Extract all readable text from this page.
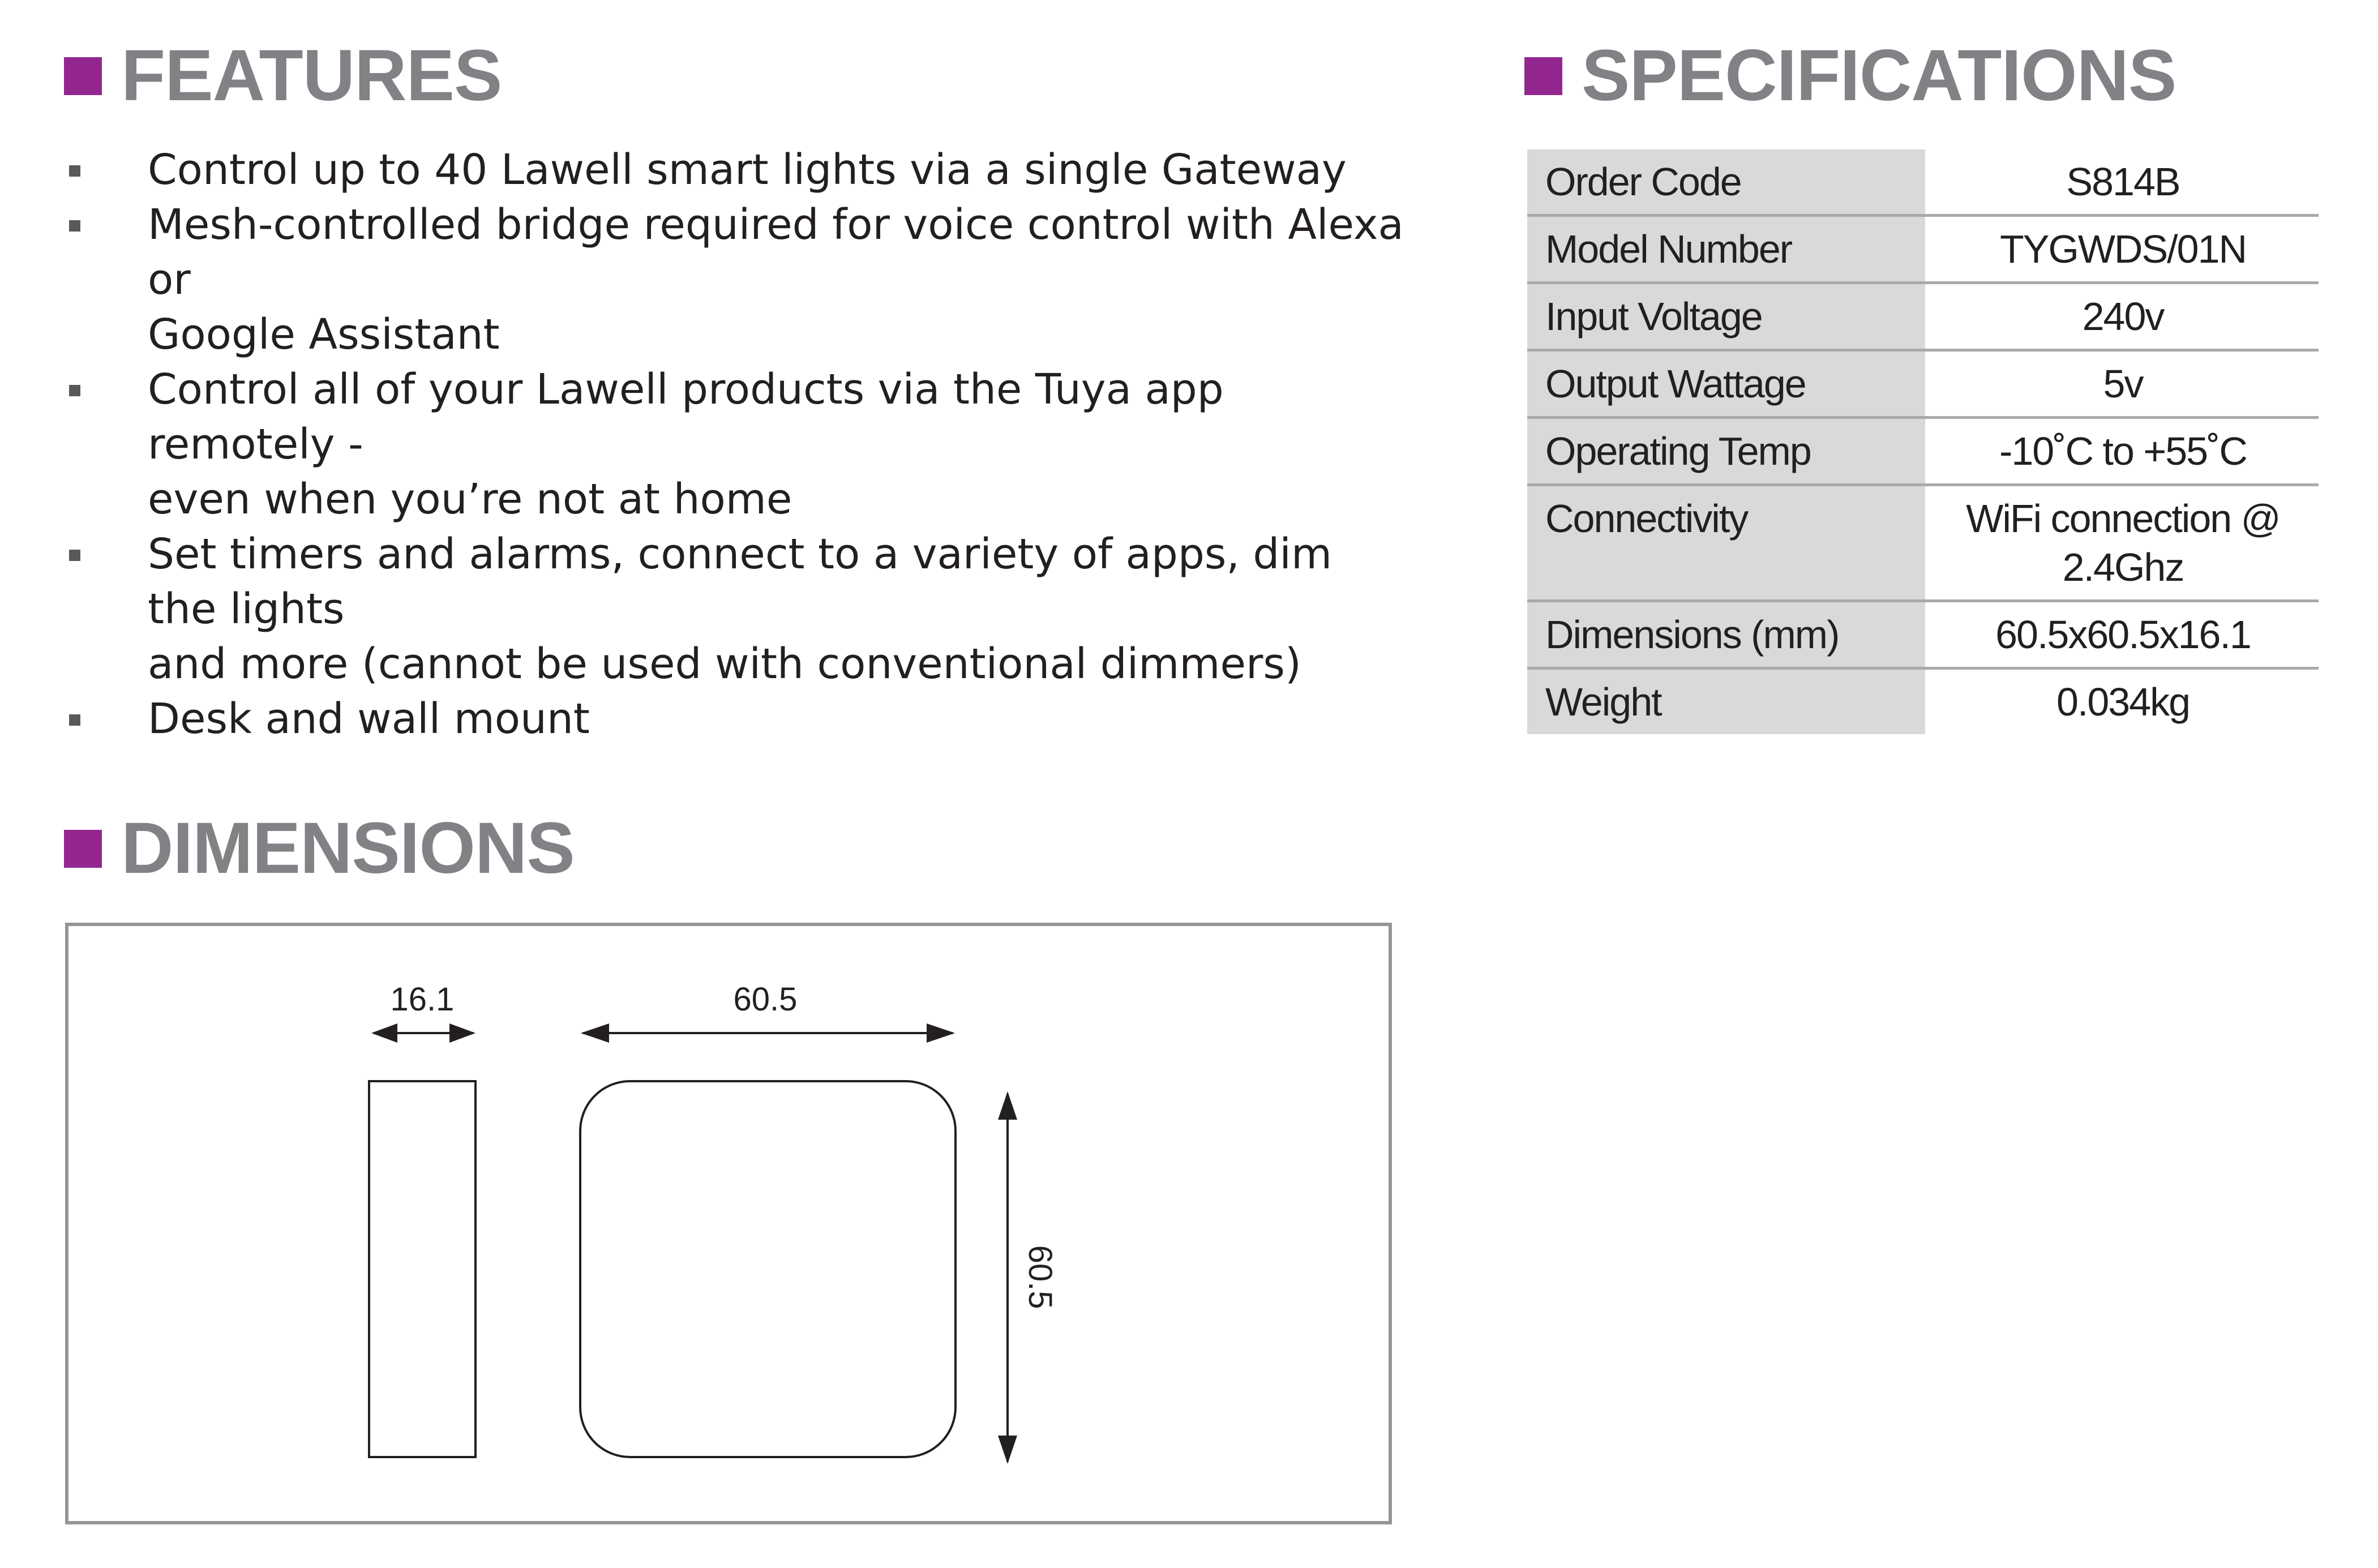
FEATURES
Control up to 40 Lawell smart lights via a single Gateway
Mesh-controlled bridge required for voice control with Alexa or
Google Assistant
Control all of your Lawell products via the Tuya app remotely -
even when you’re not at home
Set timers and alarms, connect to a variety of apps, dim the lights
and more (cannot be used with conventional dimmers)
Desk and wall mount
SPECIFICATIONS
Order Code	S814B

Model Number	TYGWDS/01N

Input Voltage	240v

Output Wattage	5v

Operating Temp	-10˚C to +55˚C

Connectivity	WiFi connection @
2.4Ghz

Dimensions (mm)	60.5x60.5x16.1

Weight	0.034kg
DIMENSIONS
16.1	60.5
60.5
